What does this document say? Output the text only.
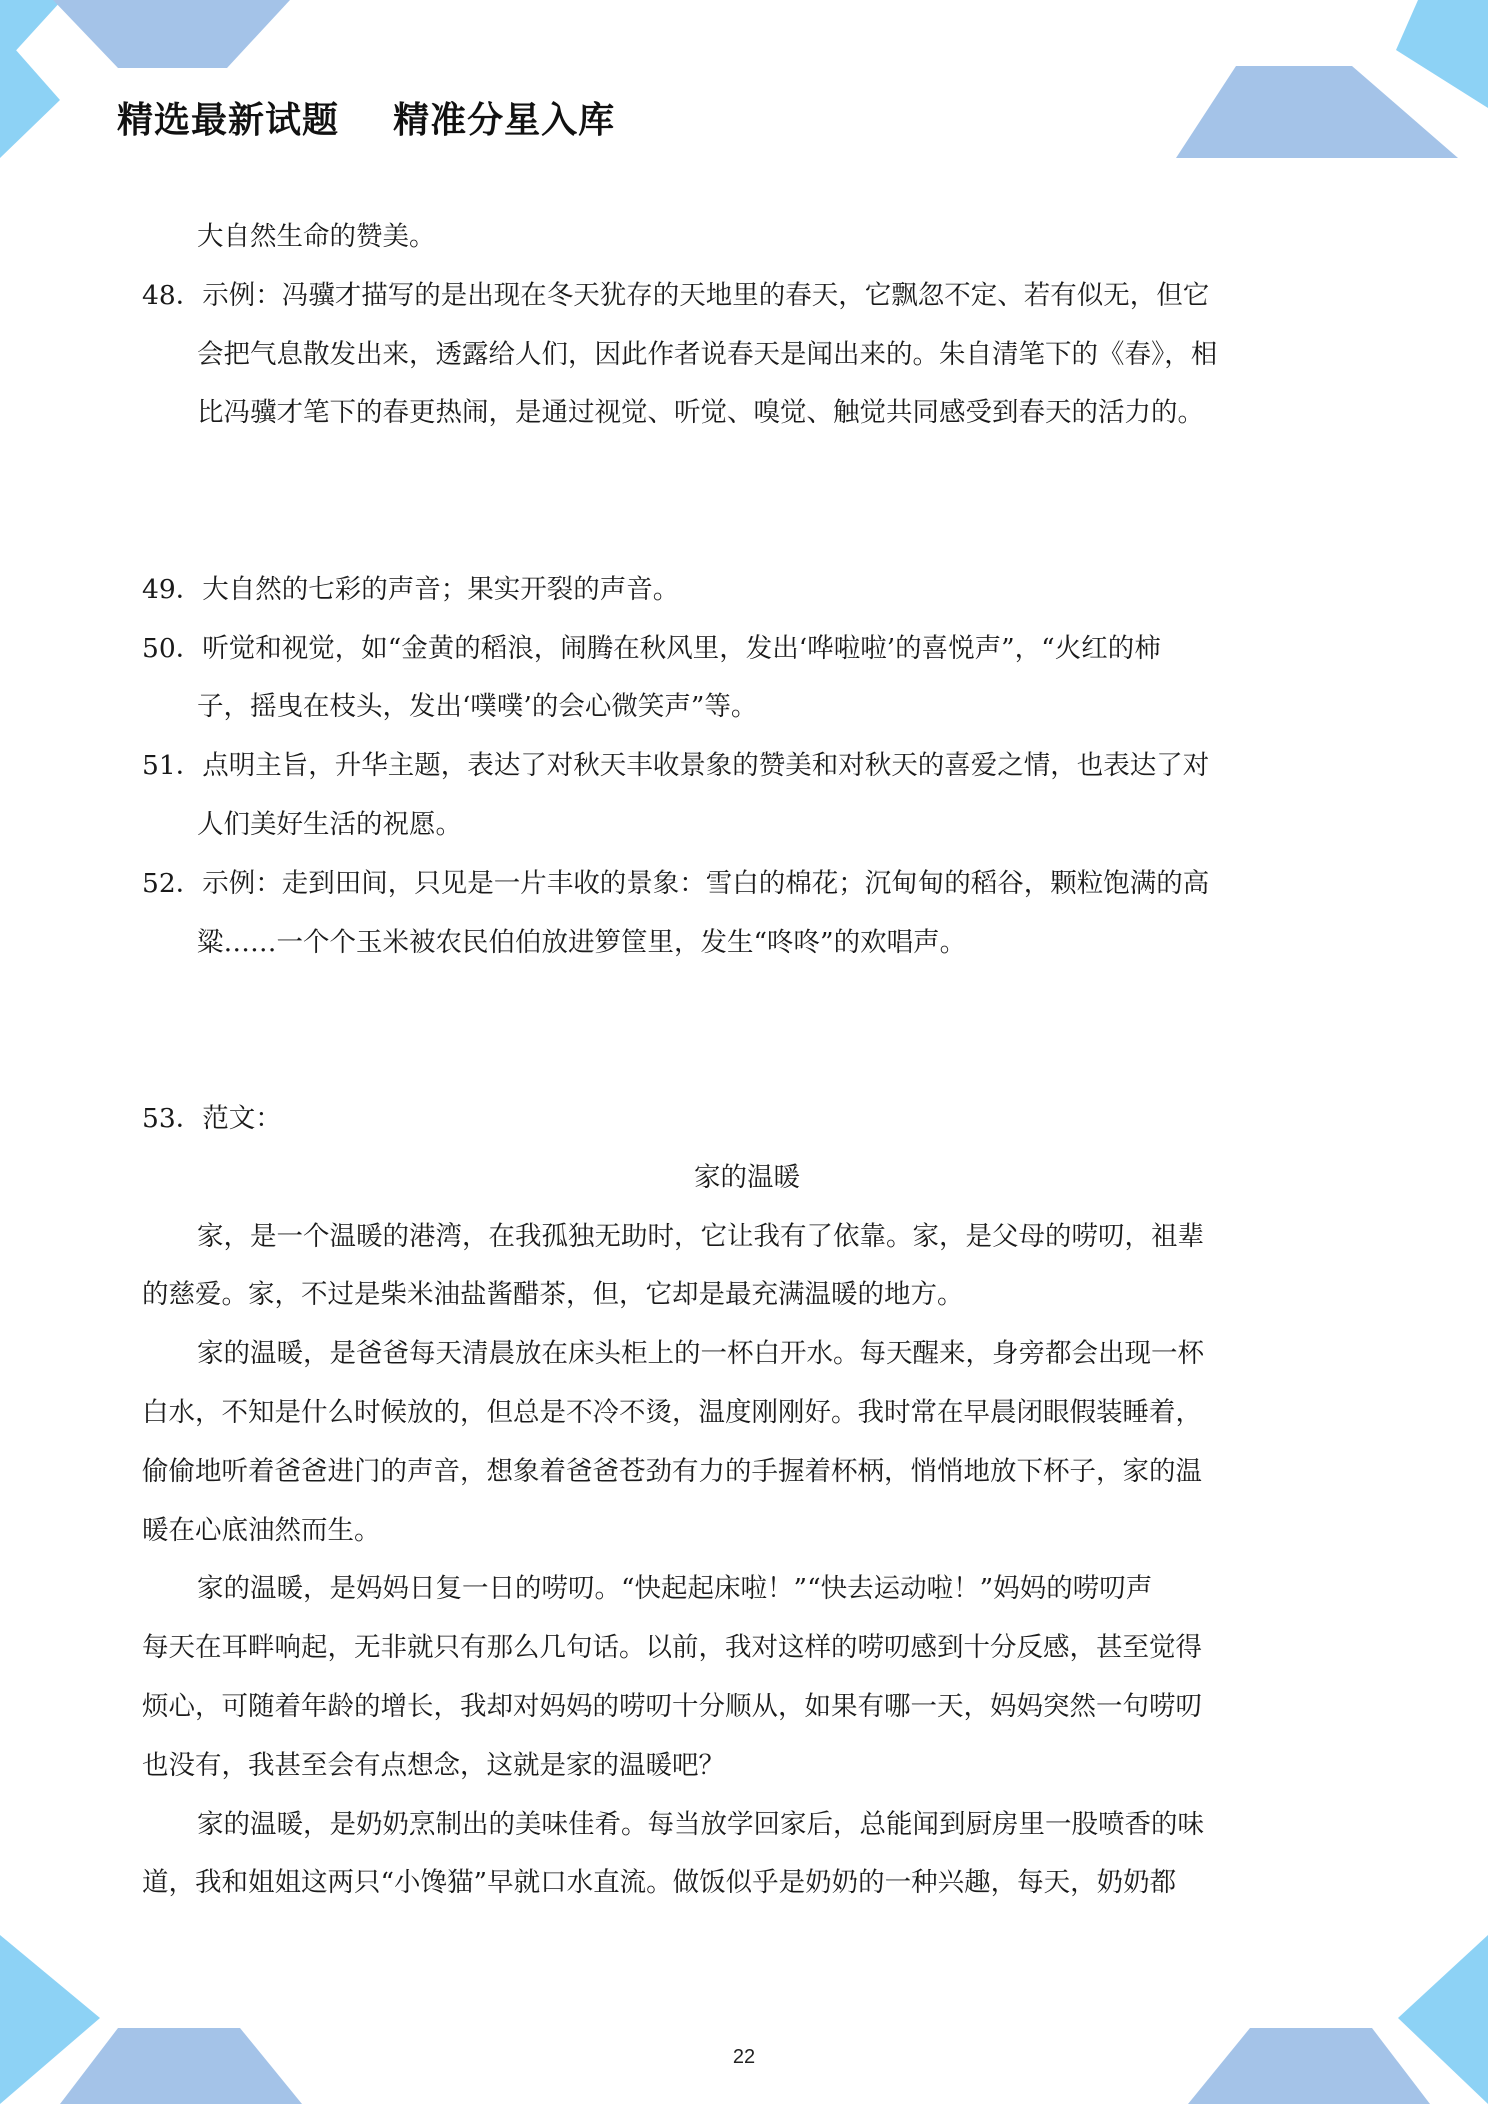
精选最新试题    精准分星入库
大自然生命的赞美。
48．示例：冯骥才描写的是出现在冬天犹存的天地里的春天，它飘忽不定、若有似无，但它
会把气息散发出来，透露给人们，因此作者说春天是闻出来的。朱自清笔下的《春》，相
比冯骥才笔下的春更热闹，是通过视觉、听觉、嗅觉、触觉共同感受到春天的活力的。
49．大自然的七彩的声音；果实开裂的声音。
50．听觉和视觉，如“金黄的稻浪，闹腾在秋风里，发出‘哗啦啦’的喜悦声”，“火红的柿
子，摇曳在枝头，发出‘噗噗’的会心微笑声”等。
51．点明主旨，升华主题，表达了对秋天丰收景象的赞美和对秋天的喜爱之情，也表达了对
人们美好生活的祝愿。
52．示例：走到田间，只见是一片丰收的景象：雪白的棉花；沉甸甸的稻谷，颗粒饱满的高
粱……一个个玉米被农民伯伯放进箩筐里，发生“咚咚”的欢唱声。
53．范文：
家的温暖
家，是一个温暖的港湾，在我孤独无助时，它让我有了依靠。家，是父母的唠叨，祖辈
的慈爱。家，不过是柴米油盐酱醋茶，但，它却是最充满温暖的地方。
家的温暖，是爸爸每天清晨放在床头柜上的一杯白开水。每天醒来，身旁都会出现一杯
白水，不知是什么时候放的，但总是不冷不烫，温度刚刚好。我时常在早晨闭眼假装睡着，
偷偷地听着爸爸进门的声音，想象着爸爸苍劲有力的手握着杯柄，悄悄地放下杯子，家的温
暖在心底油然而生。
家的温暖，是妈妈日复一日的唠叨。“快起起床啦！”“快去运动啦！”妈妈的唠叨声
每天在耳畔响起，无非就只有那么几句话。以前，我对这样的唠叨感到十分反感，甚至觉得
烦心，可随着年龄的增长，我却对妈妈的唠叨十分顺从，如果有哪一天，妈妈突然一句唠叨
也没有，我甚至会有点想念，这就是家的温暖吧？
家的温暖，是奶奶烹制出的美味佳肴。每当放学回家后，总能闻到厨房里一股喷香的味
道，我和姐姐这两只“小馋猫”早就口水直流。做饭似乎是奶奶的一种兴趣，每天，奶奶都
22
